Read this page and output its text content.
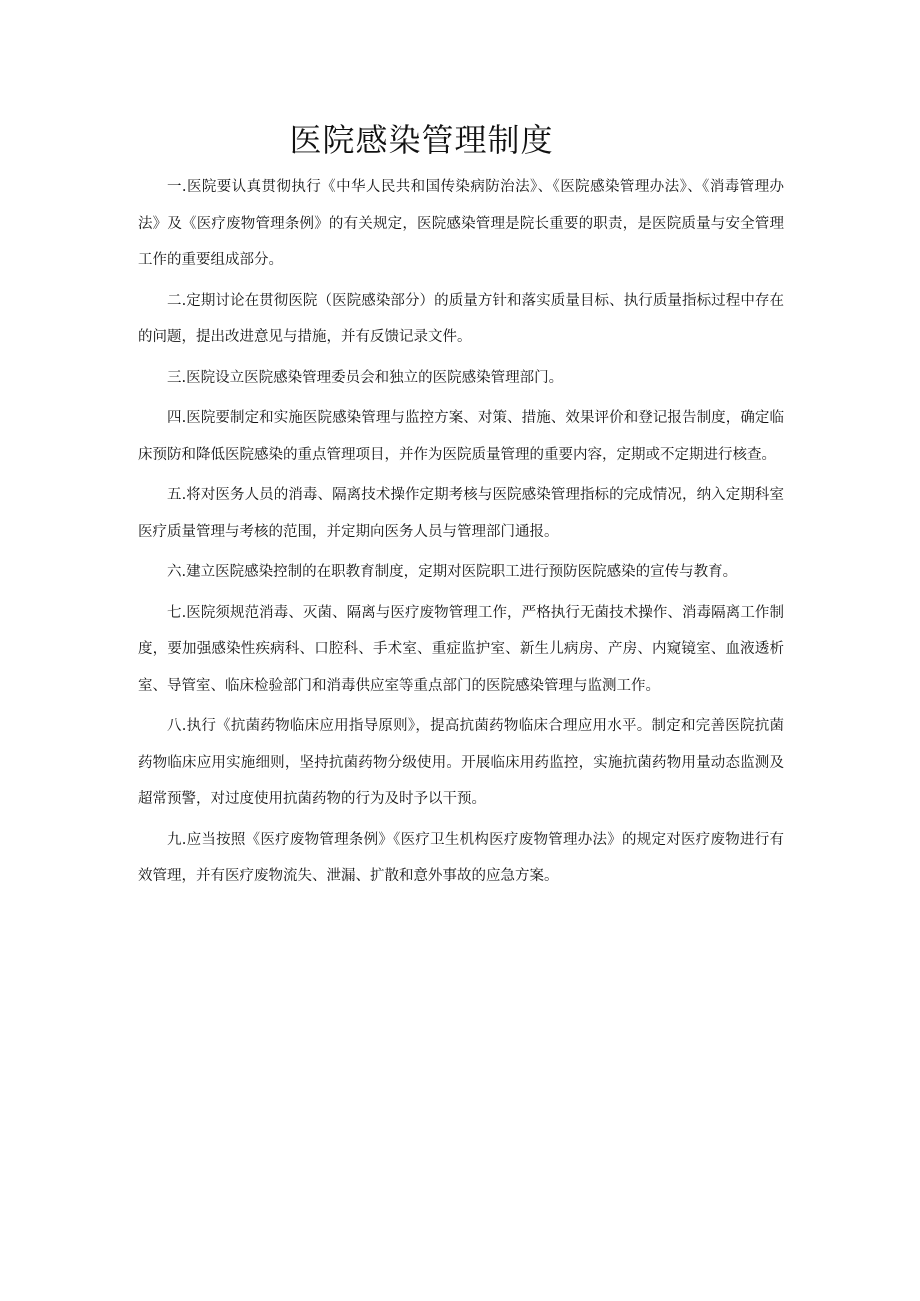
医院感染管理制度

一.医院要认真贯彻执行《中华人民共和国传染病防治法》、《医院感染管理办法》、《消毒管理办法》及《医疗废物管理条例》的有关规定，医院感染管理是院长重要的职责，是医院质量与安全管理工作的重要组成部分。

二.定期讨论在贯彻医院（医院感染部分）的质量方针和落实质量目标、执行质量指标过程中存在的问题，提出改进意见与措施，并有反馈记录文件。

三.医院设立医院感染管理委员会和独立的医院感染管理部门。

四.医院要制定和实施医院感染管理与监控方案、对策、措施、效果评价和登记报告制度，确定临床预防和降低医院感染的重点管理项目，并作为医院质量管理的重要内容，定期或不定期进行核查。

五.将对医务人员的消毒、隔离技术操作定期考核与医院感染管理指标的完成情况，纳入定期科室医疗质量管理与考核的范围，并定期向医务人员与管理部门通报。

六.建立医院感染控制的在职教育制度，定期对医院职工进行预防医院感染的宣传与教育。

七.医院须规范消毒、灭菌、隔离与医疗废物管理工作，严格执行无菌技术操作、消毒隔离工作制度，要加强感染性疾病科、口腔科、手术室、重症监护室、新生儿病房、产房、内窥镜室、血液透析室、导管室、临床检验部门和消毒供应室等重点部门的医院感染管理与监测工作。

八.执行《抗菌药物临床应用指导原则》，提高抗菌药物临床合理应用水平。制定和完善医院抗菌药物临床应用实施细则，坚持抗菌药物分级使用。开展临床用药监控，实施抗菌药物用量动态监测及超常预警，对过度使用抗菌药物的行为及时予以干预。

九.应当按照《医疗废物管理条例》《医疗卫生机构医疗废物管理办法》的规定对医疗废物进行有效管理，并有医疗废物流失、泄漏、扩散和意外事故的应急方案。
